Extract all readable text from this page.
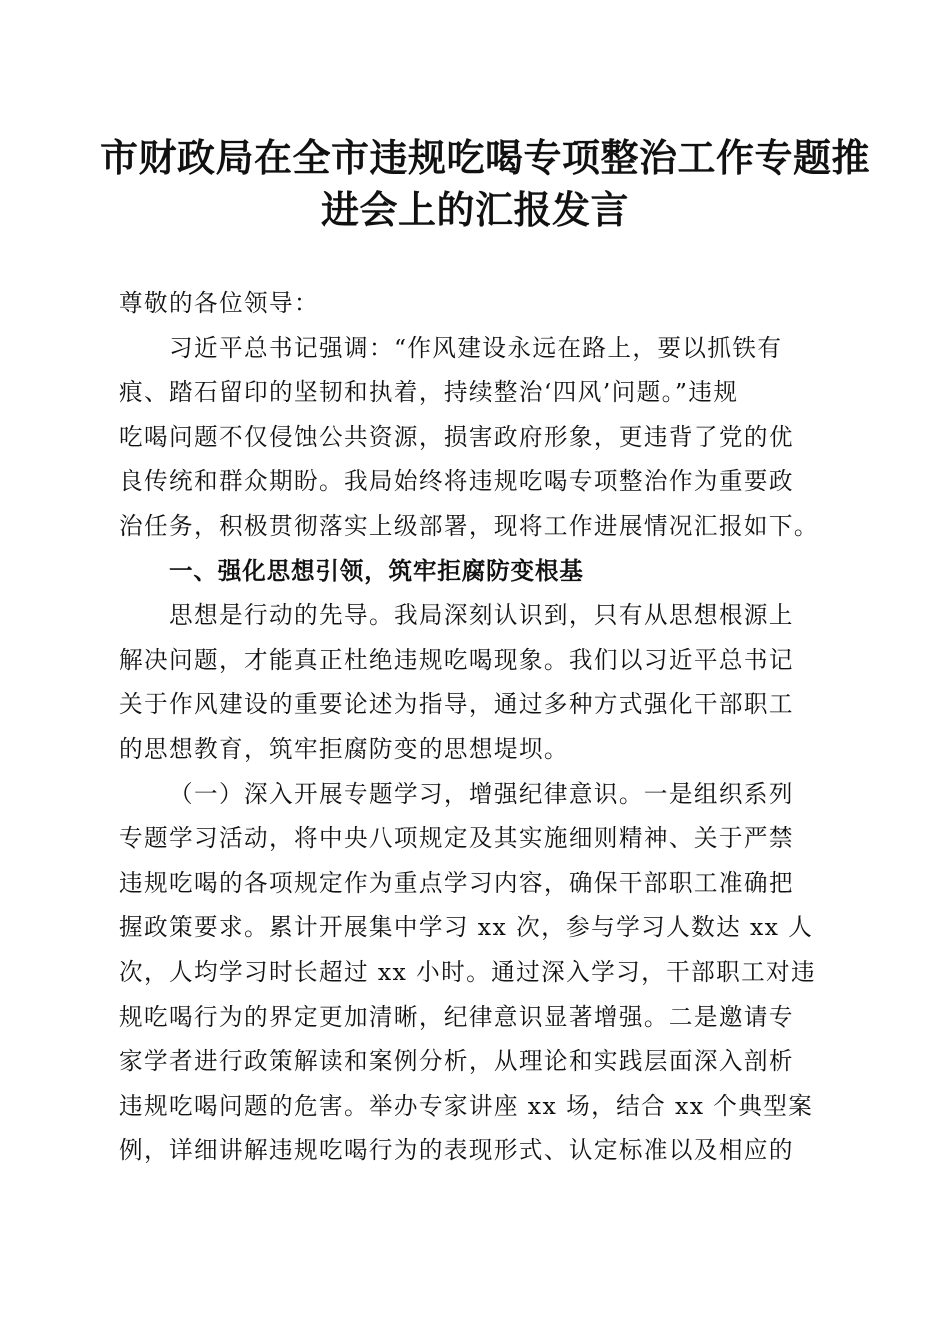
市财政局在全市违规吃喝专项整治工作专题推
进会上的汇报发言
尊敬的各位领导：
习近平总书记强调：“作风建设永远在路上，要以抓铁有
痕、踏石留印的坚韧和执着，持续整治‘四风’问题。”违规
吃喝问题不仅侵蚀公共资源，损害政府形象，更违背了党的优
良传统和群众期盼。我局始终将违规吃喝专项整治作为重要政
治任务，积极贯彻落实上级部署，现将工作进展情况汇报如下。
一、强化思想引领，筑牢拒腐防变根基
思想是行动的先导。我局深刻认识到，只有从思想根源上
解决问题，才能真正杜绝违规吃喝现象。我们以习近平总书记
关于作风建设的重要论述为指导，通过多种方式强化干部职工
的思想教育，筑牢拒腐防变的思想堤坝。
（一）深入开展专题学习，增强纪律意识。一是组织系列
专题学习活动，将中央八项规定及其实施细则精神、关于严禁
违规吃喝的各项规定作为重点学习内容，确保干部职工准确把
握政策要求。累计开展集中学习 xx 次，参与学习人数达 xx 人
次，人均学习时长超过 xx 小时。通过深入学习，干部职工对违
规吃喝行为的界定更加清晰，纪律意识显著增强。二是邀请专
家学者进行政策解读和案例分析，从理论和实践层面深入剖析
违规吃喝问题的危害。举办专家讲座 xx 场，结合 xx 个典型案
例，详细讲解违规吃喝行为的表现形式、认定标准以及相应的
